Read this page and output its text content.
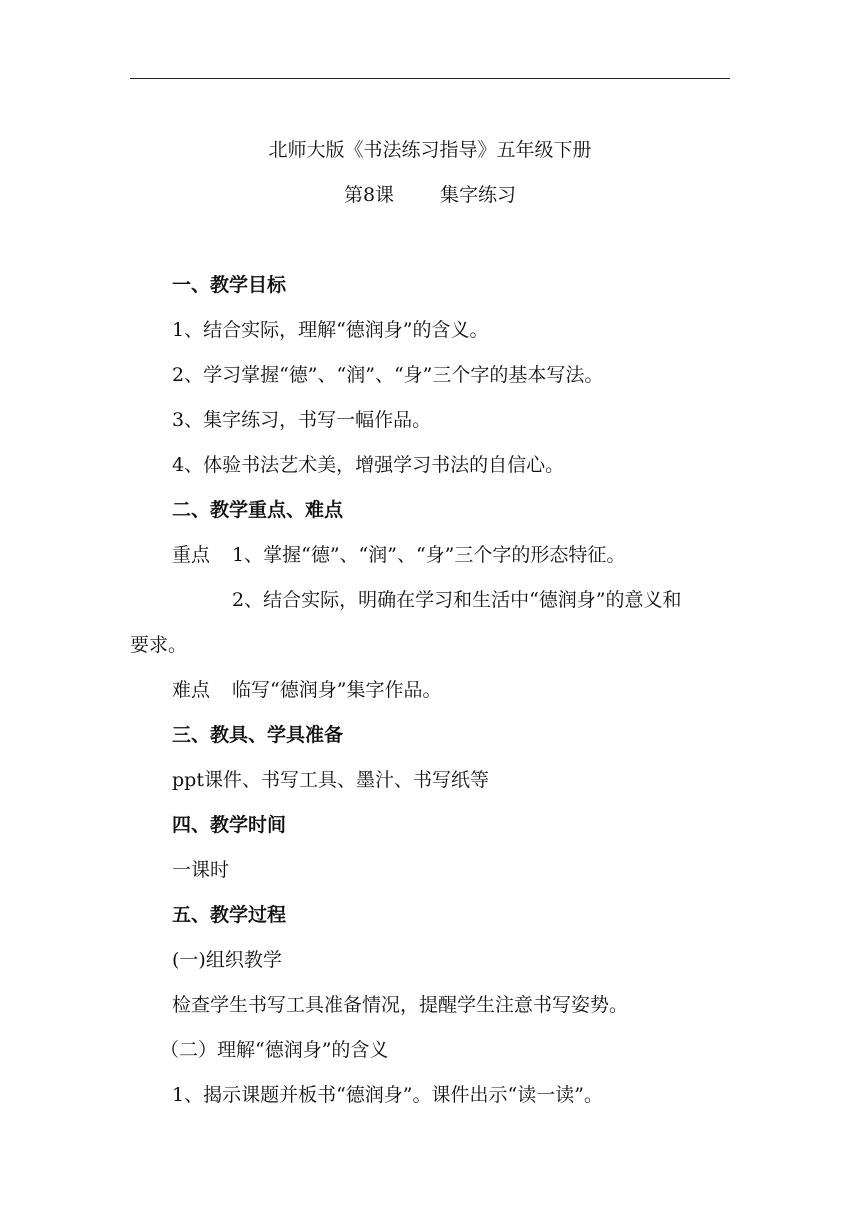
北师大版《书法练习指导》五年级下册
第8课 集字练习
一、教学目标
1、结合实际，理解“德润身”的含义。
2、学习掌握“德”、“润”、“身”三个字的基本写法。
3、集字练习，书写一幅作品。
4、体验书法艺术美，增强学习书法的自信心。
二、教学重点、难点
重点 1、掌握“德”、“润”、“身”三个字的形态特征。
2、结合实际，明确在学习和生活中“德润身”的意义和
要求。
难点 临写“德润身”集字作品。
三、教具、学具准备
ppt课件、书写工具、墨汁、书写纸等
四、教学时间
一课时
五、教学过程
(一)组织教学
检查学生书写工具准备情况，提醒学生注意书写姿势。
（二）理解“德润身”的含义
1、揭示课题并板书“德润身”。课件出示“读一读”。
